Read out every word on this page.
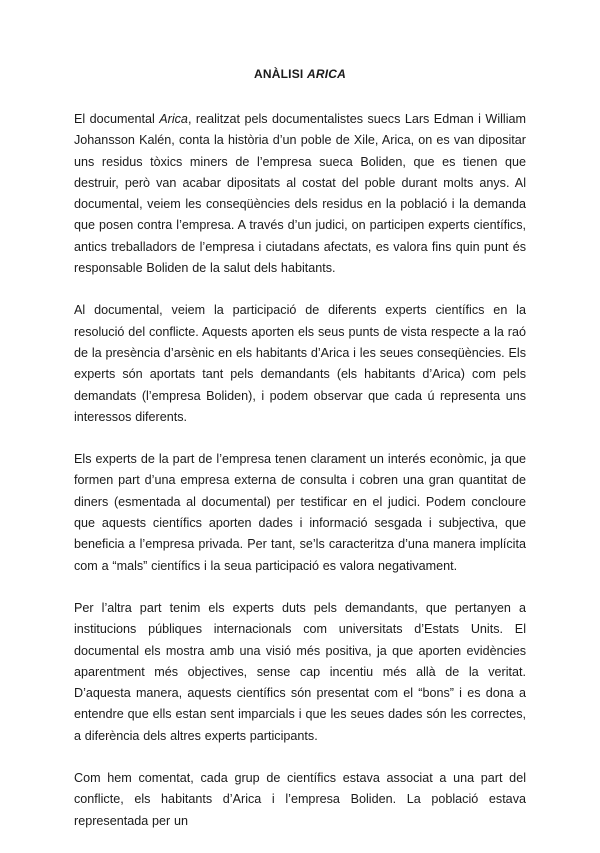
ANÀLISI ARICA

El documental Arica, realitzat pels documentalistes suecs Lars Edman i William Johansson Kalén, conta la història d’un poble de Xile, Arica, on es van dipositar uns residus tòxics miners de l’empresa sueca Boliden, que es tienen que destruir, però van acabar dipositats al costat del poble durant molts anys. Al documental, veiem les conseqüències dels residus en la població i la demanda que posen contra l’empresa. A través d’un judici, on participen experts científics, antics treballadors de l’empresa i ciutadans afectats, es valora fins quin punt és responsable Boliden de la salut dels habitants.

Al documental, veiem la participació de diferents experts científics en la resolució del conflicte. Aquests aporten els seus punts de vista respecte a la raó de la presència d’arsènic en els habitants d’Arica i les seues conseqüències. Els experts són aportats tant pels demandants (els habitants d’Arica) com pels demandats (l’empresa Boliden), i podem observar que cada ú representa uns interessos diferents.

Els experts de la part de l’empresa tenen clarament un interés econòmic, ja que formen part d’una empresa externa de consulta i cobren una gran quantitat de diners (esmentada al documental) per testificar en el judici. Podem concloure que aquests científics aporten dades i informació sesgada i subjectiva, que beneficia a l’empresa privada. Per tant, se’ls caracteritza d’una manera implícita com a “mals” científics i la seua participació es valora negativament.

Per l’altra part tenim els experts duts pels demandants, que pertanyen a institucions públiques internacionals com universitats d’Estats Units. El documental els mostra amb una visió més positiva, ja que aporten evidències aparentment més objectives, sense cap incentiu més allà de la veritat. D’aquesta manera, aquests científics són presentat com el “bons” i es dona a entendre que ells estan sent imparcials i que les seues dades són les correctes, a diferència dels altres experts participants.

Com hem comentat, cada grup de científics estava associat a una part del conflicte, els habitants d’Arica i l’empresa Boliden. La població estava representada per un
